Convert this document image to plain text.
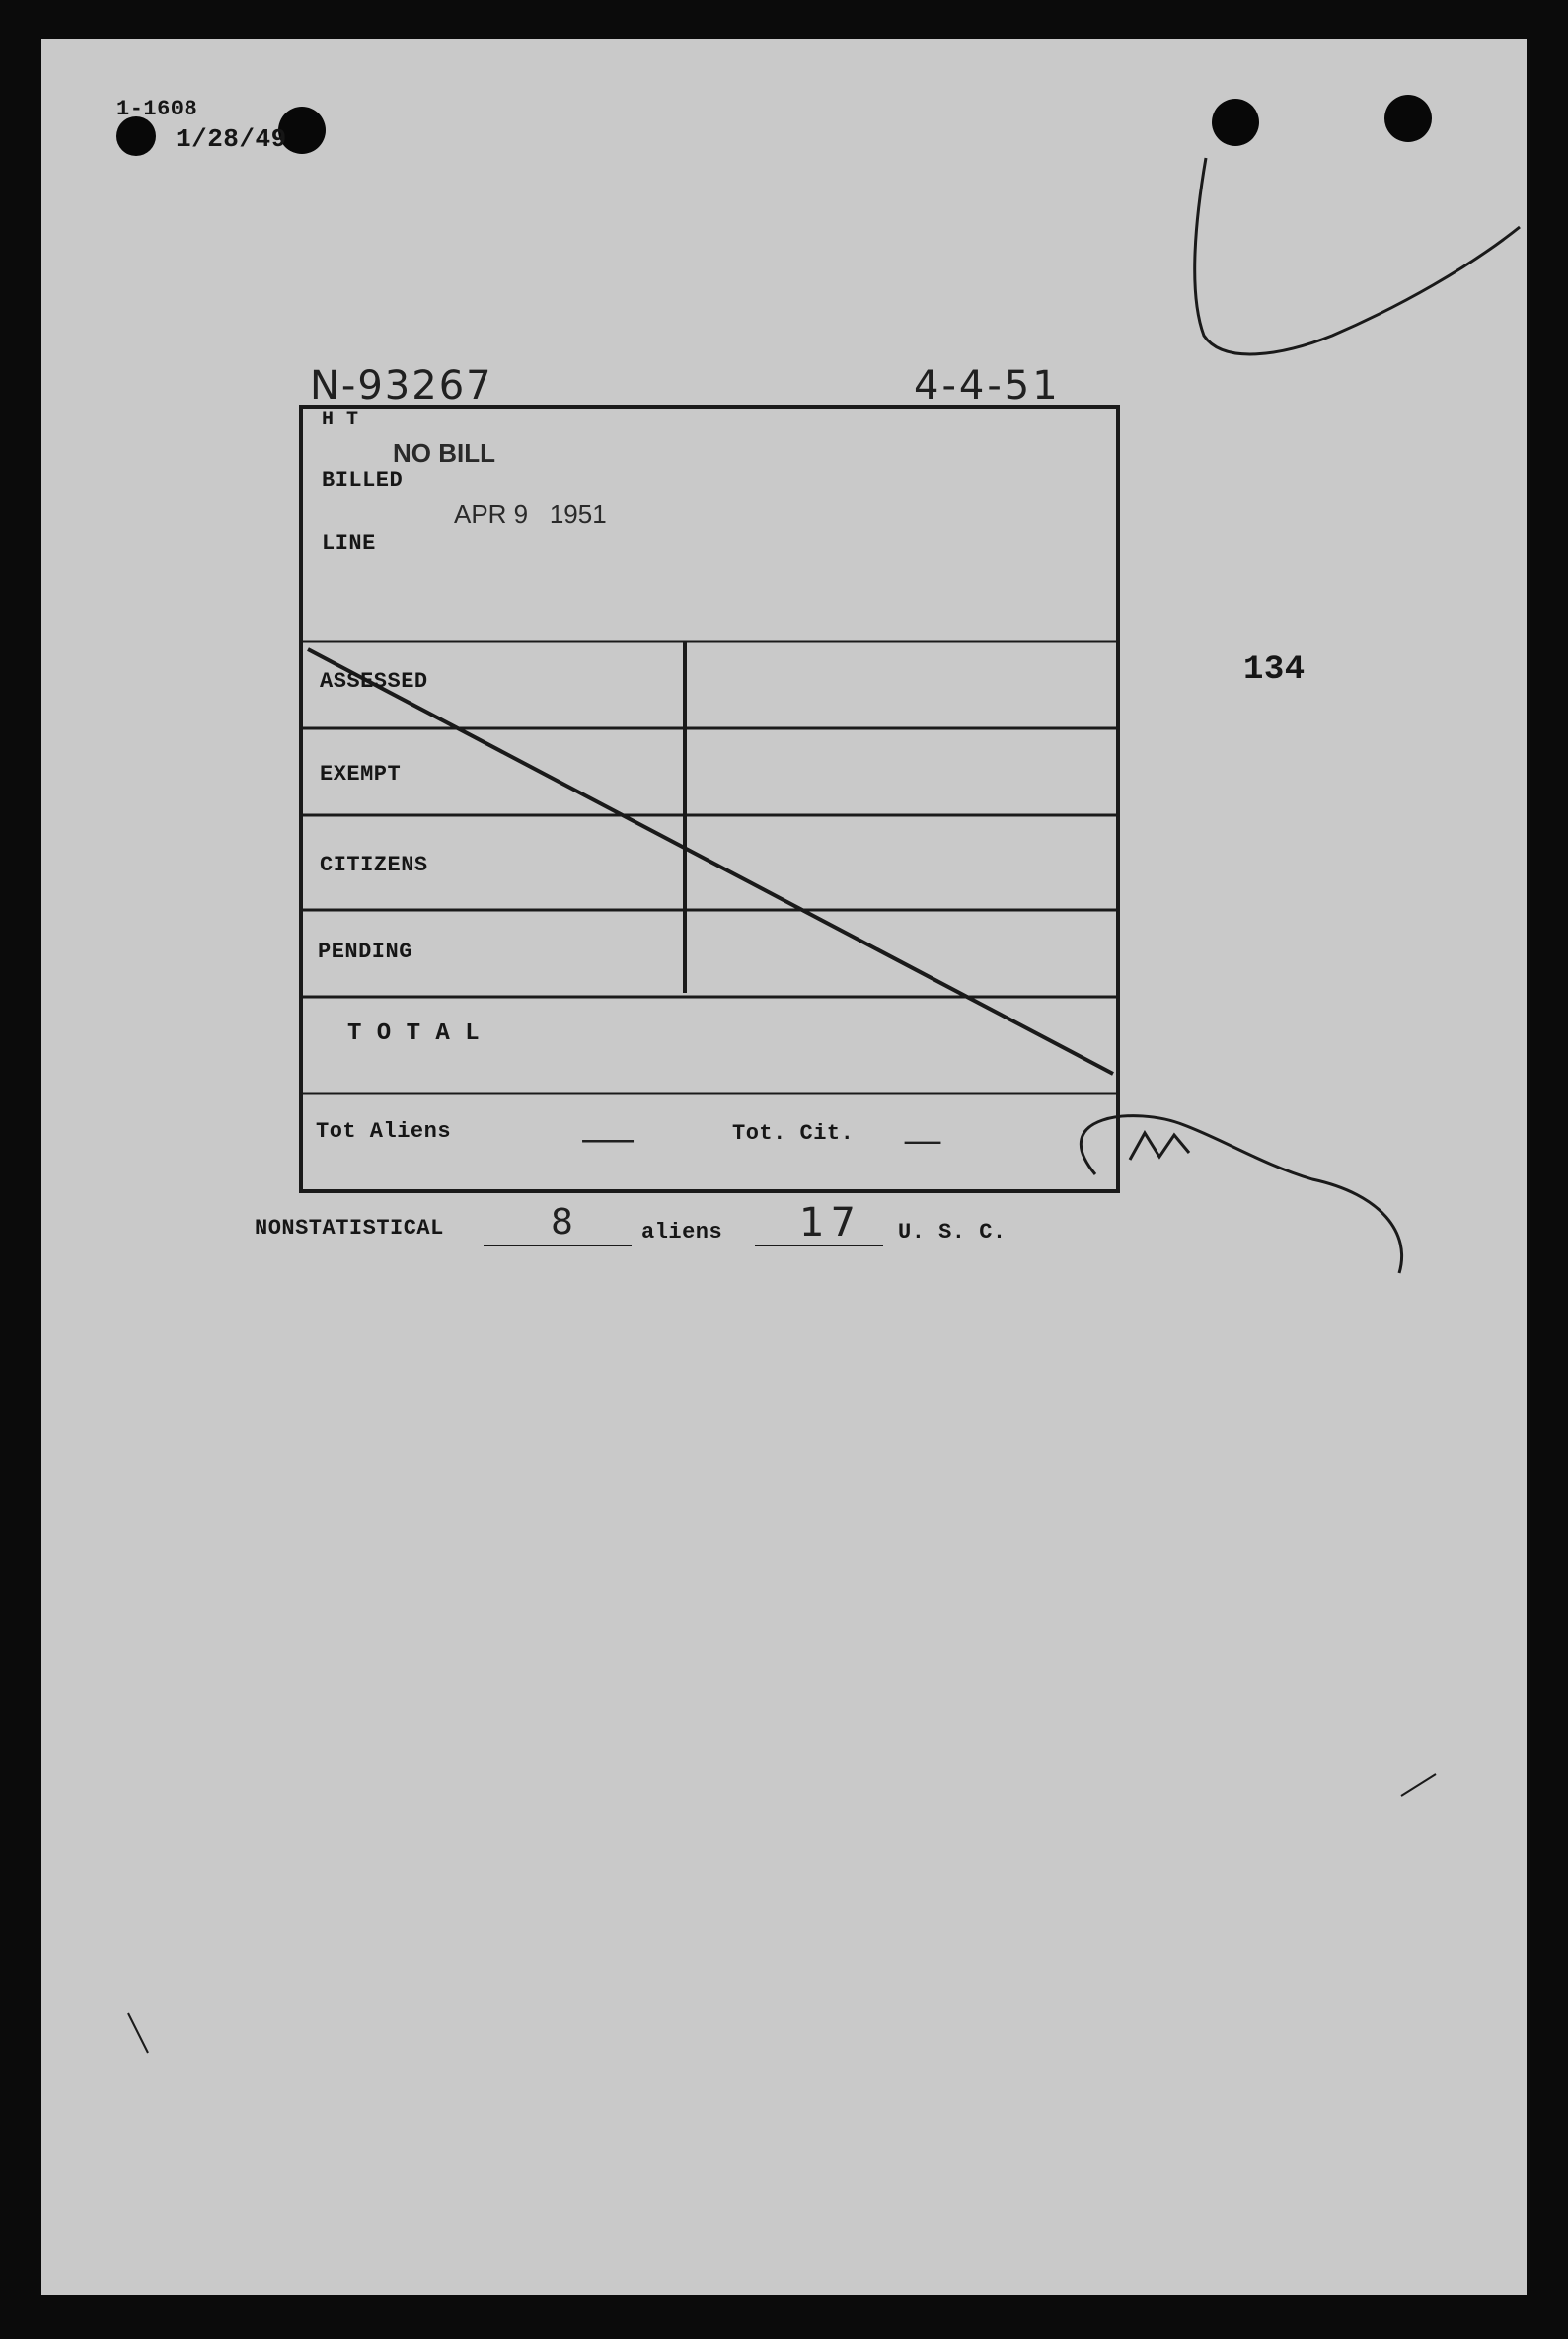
1-1608
1/28/49
N-93267	4-4-51
H T
NO BILL
BILLED
APR 9   1951
LINE
ASSESSED
EXEMPT
CITIZENS
PENDING
T O T A L
Tot Aliens	—	Tot. Cit. —
134
NONSTATISTICAL	8	aliens 17 U. S. C.
